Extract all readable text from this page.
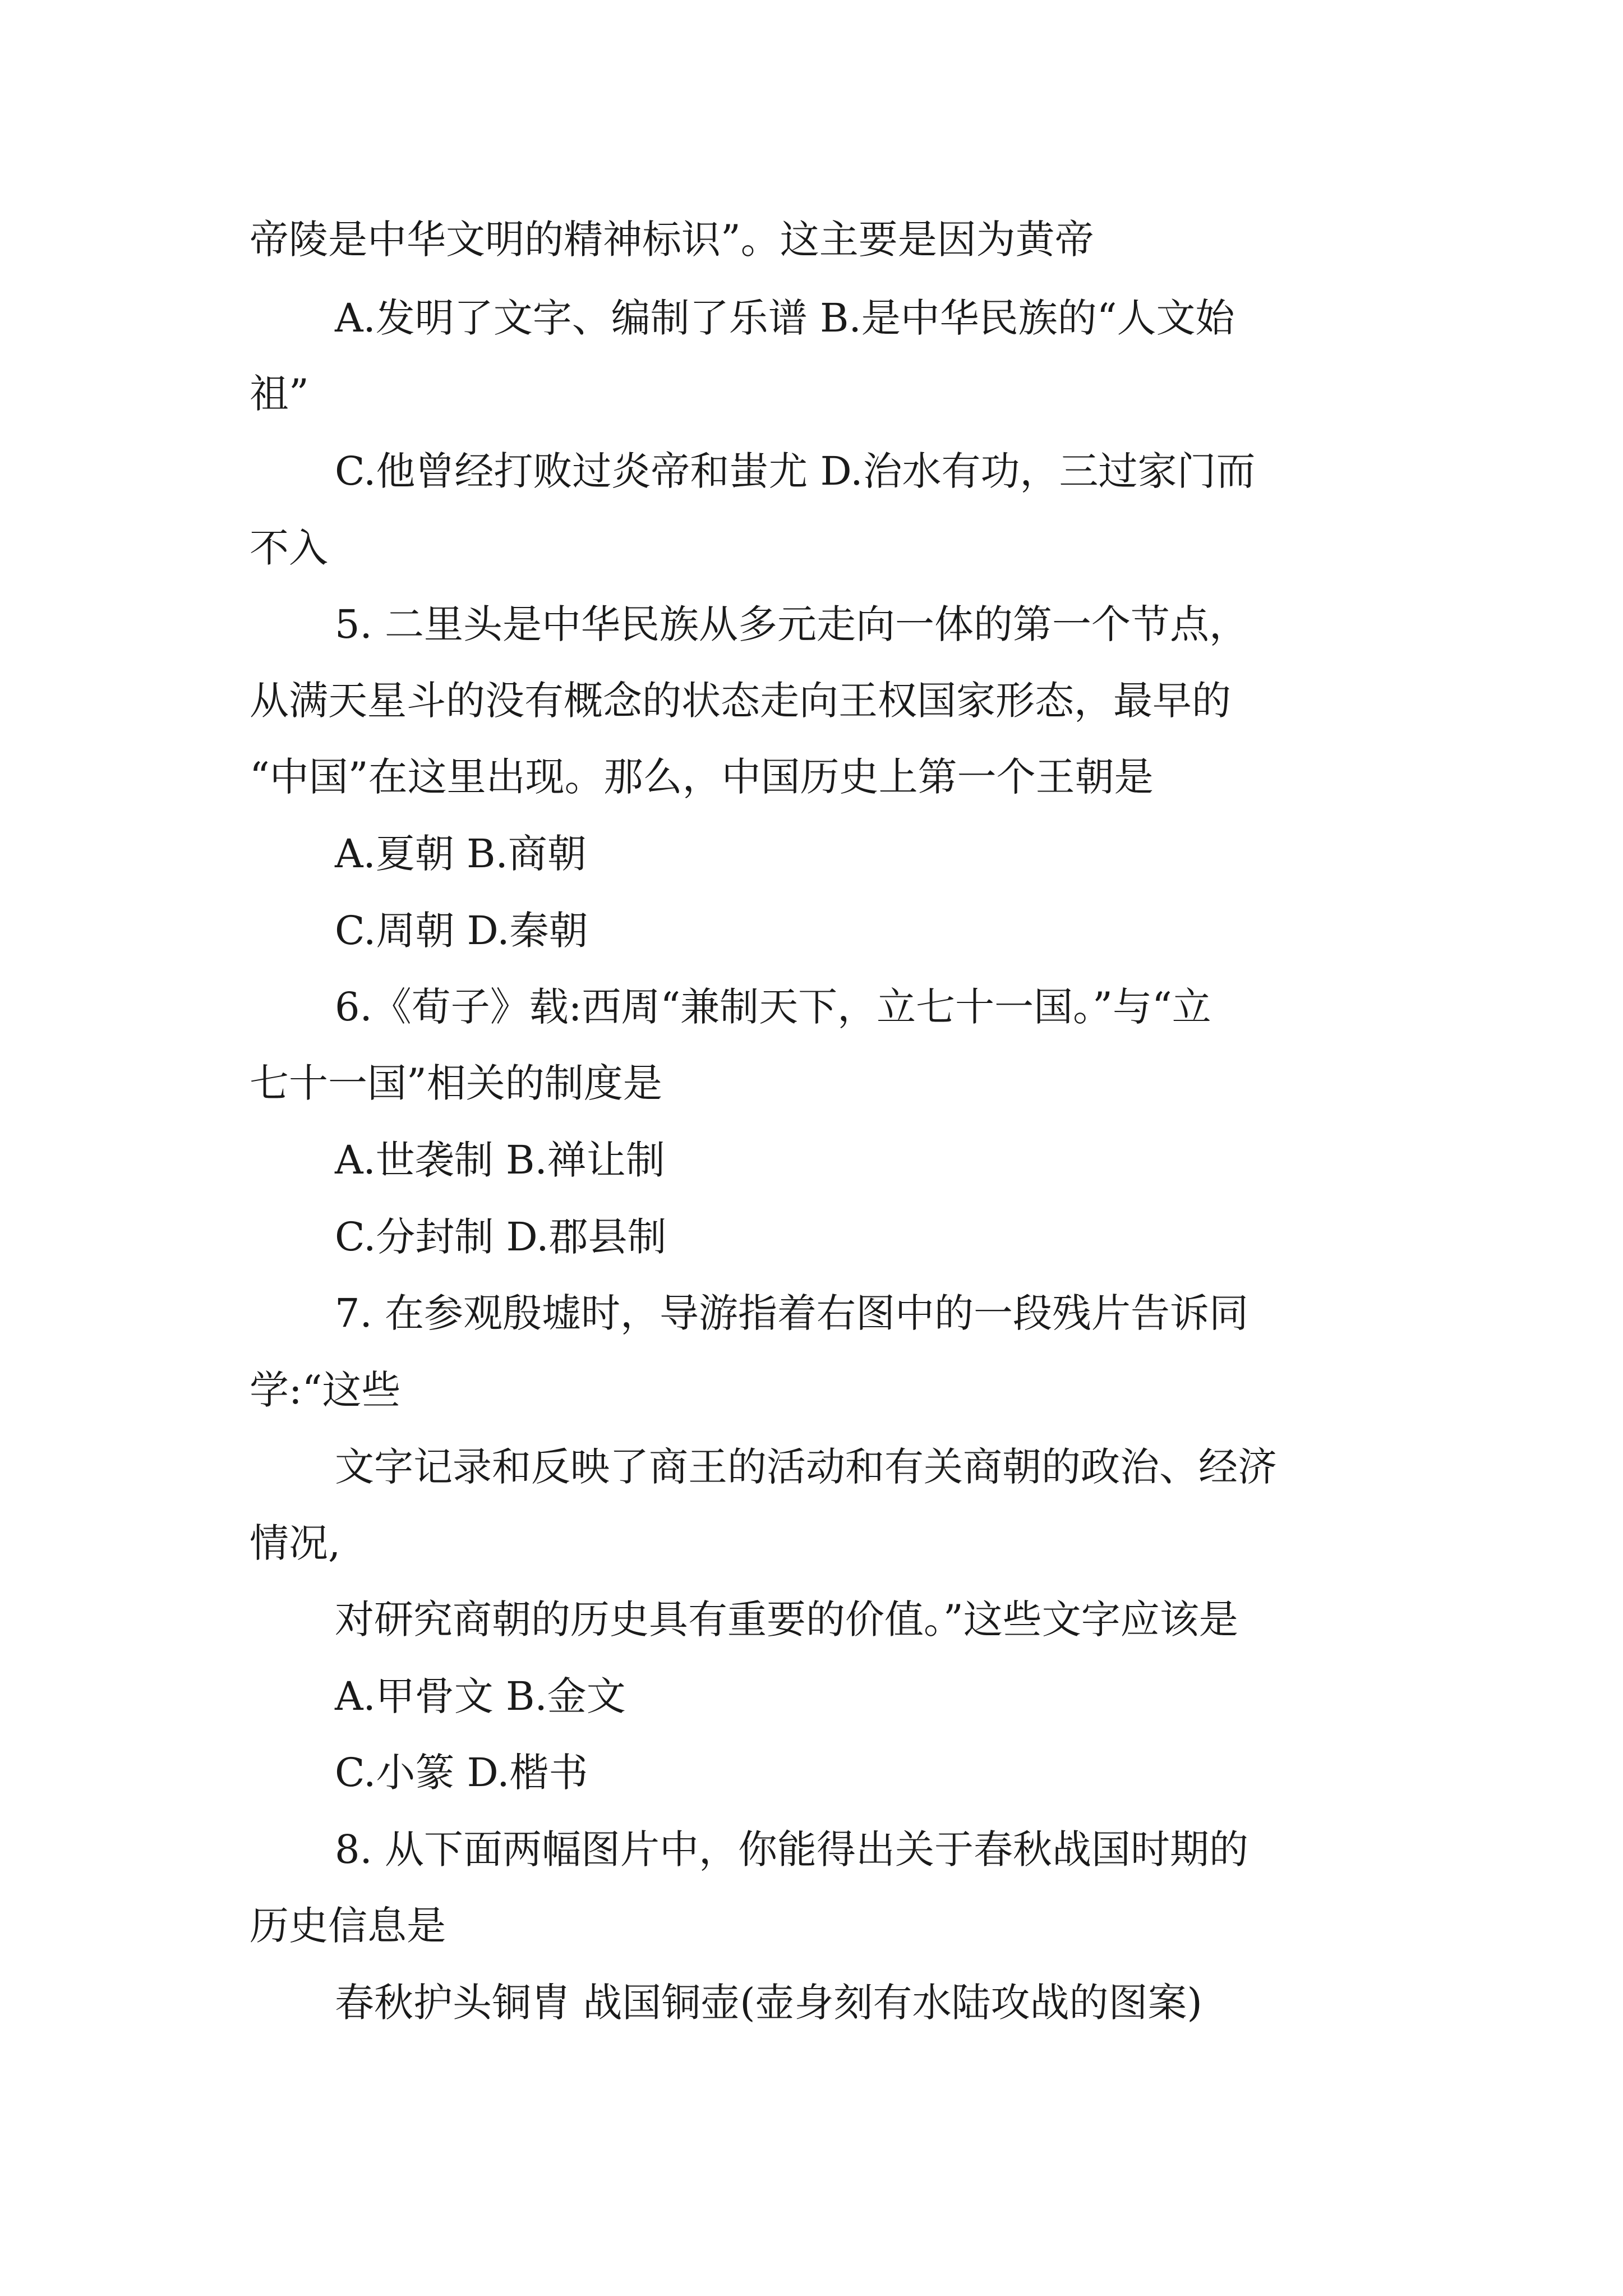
帝陵是中华文明的精神标识”。这主要是因为黄帝

A.发明了文字、编制了乐谱 B.是中华民族的“人文始

祖”

C.他曾经打败过炎帝和蚩尤 D.治水有功，三过家门而

不入

5. 二里头是中华民族从多元走向一体的第一个节点，

从满天星斗的没有概念的状态走向王权国家形态，最早的

“中国”在这里出现。那么，中国历史上第一个王朝是

A.夏朝 B.商朝

C.周朝 D.秦朝

6.《荀子》载:西周“兼制天下，立七十一国。”与“立

七十一国”相关的制度是

A.世袭制 B.禅让制

C.分封制 D.郡县制

7. 在参观殷墟时，导游指着右图中的一段残片告诉同

学:“这些

文字记录和反映了商王的活动和有关商朝的政治、经济

情况,

对研究商朝的历史具有重要的价值。”这些文字应该是

A.甲骨文 B.金文

C.小篆 D.楷书

8. 从下面两幅图片中，你能得出关于春秋战国时期的

历史信息是

春秋护头铜胄 战国铜壶(壶身刻有水陆攻战的图案)
